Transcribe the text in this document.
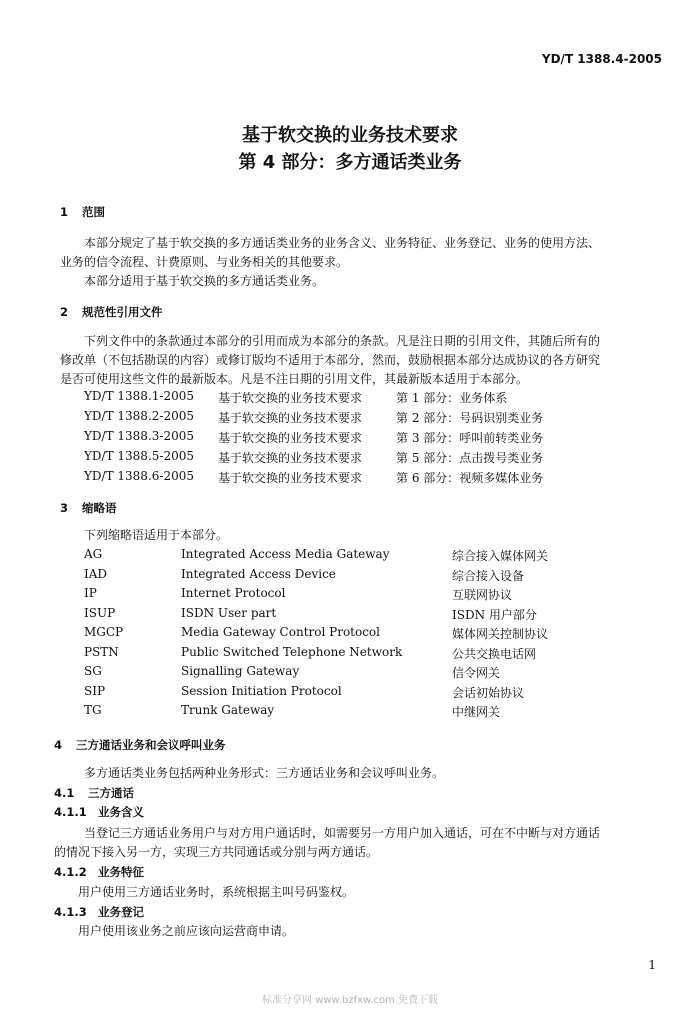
YD/T 1388.4-2005
基于软交换的业务技术要求
第 4 部分：多方通话类业务
1 范围
本部分规定了基于软交换的多方通话类业务的业务含义、业务特征、业务登记、业务的使用方法、
业务的信令流程、计费原则、与业务相关的其他要求。
本部分适用于基于软交换的多方通话类业务。
2 规范性引用文件
下列文件中的条款通过本部分的引用而成为本部分的条款。凡是注日期的引用文件，其随后所有的
修改单（不包括勘误的内容）或修订版均不适用于本部分，然而，鼓励根据本部分达成协议的各方研究
是否可使用这些文件的最新版本。凡是不注日期的引用文件，其最新版本适用于本部分。
YD/T 1388.1-2005 基于软交换的业务技术要求	第 1 部分：业务体系
YD/T 1388.2-2005 基于软交换的业务技术要求	第 2 部分：号码识别类业务
YD/T 1388.3-2005 基于软交换的业务技术要求	第 3 部分：呼叫前转类业务
YD/T 1388.5-2005 基于软交换的业务技术要求	第 5 部分：点击拨号类业务
YD/T 1388.6-2005 基于软交换的业务技术要求	第 6 部分：视频多媒体业务
3 缩略语
下列缩略语适用于本部分。
AG	Integrated Access Media Gateway	综合接入媒体网关
IAD	Integrated Access Device	综合接入设备
IP	Internet Protocol	互联网协议
ISUP	ISDN User part	ISDN 用户部分
MGCP	Media Gateway Control Protocol	媒体网关控制协议
PSTN	Public Switched Telephone Network	公共交换电话网
SG	Signalling Gateway	信令网关
SIP	Session Initiation Protocol	会话初始协议
TG	Trunk Gateway	中继网关
4 三方通话业务和会议呼叫业务
多方通话类业务包括两种业务形式：三方通话业务和会议呼叫业务。
4.1 三方通话
4.1.1 业务含义
当登记三方通话业务用户与对方用户通话时，如需要另一方用户加入通话，可在不中断与对方通话
的情况下接入另一方，实现三方共同通话或分别与两方通话。
4.1.2 业务特征
用户使用三方通话业务时，系统根据主叫号码鉴权。
4.1.3 业务登记
用户使用该业务之前应该向运营商申请。
1
标准分享网 www.bzfxw.com 免费下载
